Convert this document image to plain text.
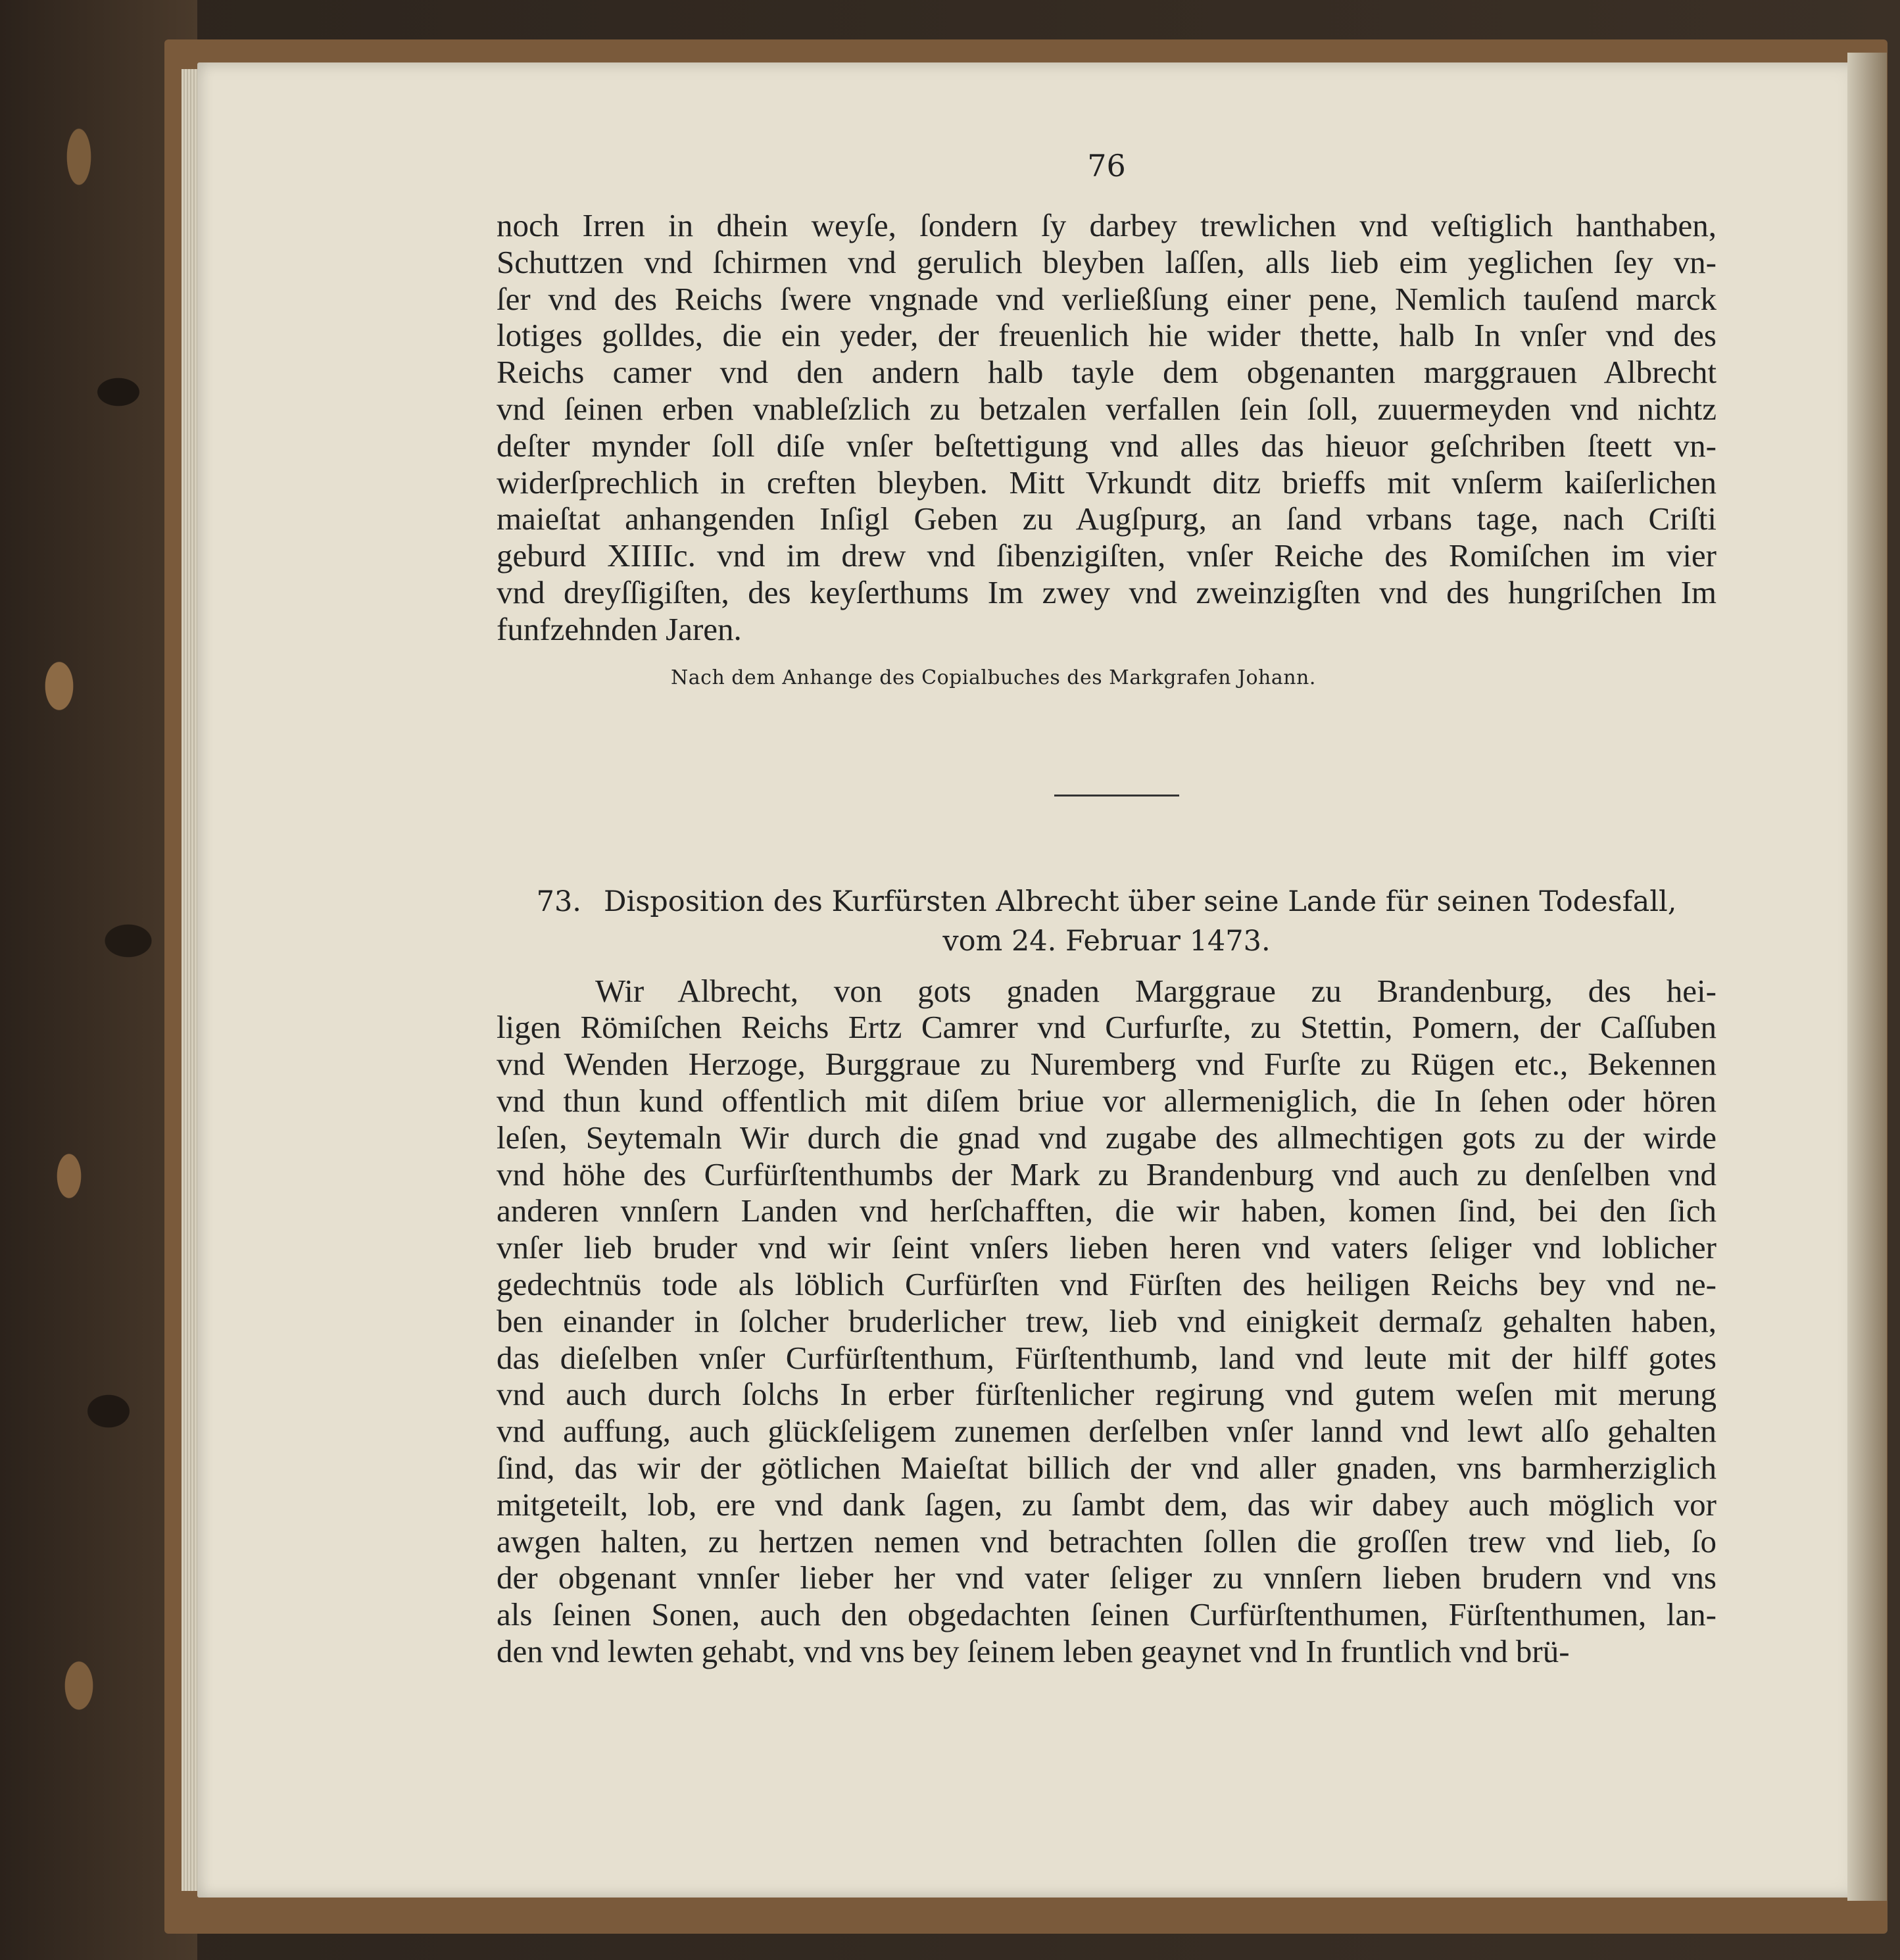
76
noch Irren in dhein weyſe, ſondern ſy darbey trewlichen vnd veſtiglich hanthaben,
Schuttzen vnd ſchirmen vnd gerulich bleyben laſſen, alls lieb eim yeglichen ſey vn-
ſer vnd des Reichs ſwere vngnade vnd verließſung einer pene, Nemlich tauſend marck
lotiges golldes, die ein yeder, der freuenlich hie wider thette, halb In vnſer vnd des
Reichs camer vnd den andern halb tayle dem obgenanten marggrauen Albrecht
vnd ſeinen erben vnableſzlich zu betzalen verfallen ſein ſoll, zuuermeyden vnd nichtz
deſter mynder ſoll diſe vnſer beſtettigung vnd alles das hieuor geſchriben ſteett vn-
widerſprechlich in creften bleyben. Mitt Vrkundt ditz brieffs mit vnſerm kaiſerlichen
maieſtat anhangenden Inſigl Geben zu Augſpurg, an ſand vrbans tage, nach Criſti
geburd XIIIIc. vnd im drew vnd ſibenzigiſten, vnſer Reiche des Romiſchen im vier
vnd dreyſſigiſten, des keyſerthums Im zwey vnd zweinzigſten vnd des hungriſchen Im
funfzehnden Jaren.
Nach dem Anhange des Copialbuches des Markgrafen Johann.
73. Disposition des Kurfürsten Albrecht über seine Lande für seinen Todesfall,
vom 24. Februar 1473.
Wir Albrecht, von gots gnaden Marggraue zu Brandenburg, des hei-
ligen Römiſchen Reichs Ertz Camrer vnd Curfurſte, zu Stettin, Pomern, der Caſſuben
vnd Wenden Herzoge, Burggraue zu Nuremberg vnd Furſte zu Rügen etc., Bekennen
vnd thun kund offentlich mit diſem briue vor allermeniglich, die In ſehen oder hören
leſen, Seytemaln Wir durch die gnad vnd zugabe des allmechtigen gots zu der wirde
vnd höhe des Curfürſtenthumbs der Mark zu Brandenburg vnd auch zu denſelben vnd
anderen vnnſern Landen vnd herſchafften, die wir haben, komen ſind, bei den ſich
vnſer lieb bruder vnd wir ſeint vnſers lieben heren vnd vaters ſeliger vnd loblicher
gedechtnüs tode als löblich Curfürſten vnd Fürſten des heiligen Reichs bey vnd ne-
ben einander in ſolcher bruderlicher trew, lieb vnd einigkeit dermaſz gehalten haben,
das dieſelben vnſer Curfürſtenthum, Fürſtenthumb, land vnd leute mit der hilff gotes
vnd auch durch ſolchs In erber fürſtenlicher regirung vnd gutem weſen mit merung
vnd auffung, auch glückſeligem zunemen derſelben vnſer lannd vnd lewt alſo gehalten
ſind, das wir der götlichen Maieſtat billich der vnd aller gnaden, vns barmherziglich
mitgeteilt, lob, ere vnd dank ſagen, zu ſambt dem, das wir dabey auch möglich vor
awgen halten, zu hertzen nemen vnd betrachten ſollen die groſſen trew vnd lieb, ſo
der obgenant vnnſer lieber her vnd vater ſeliger zu vnnſern lieben brudern vnd vns
als ſeinen Sonen, auch den obgedachten ſeinen Curfürſtenthumen, Fürſtenthumen, lan-
den vnd lewten gehabt, vnd vns bey ſeinem leben geaynet vnd In fruntlich vnd brü-
